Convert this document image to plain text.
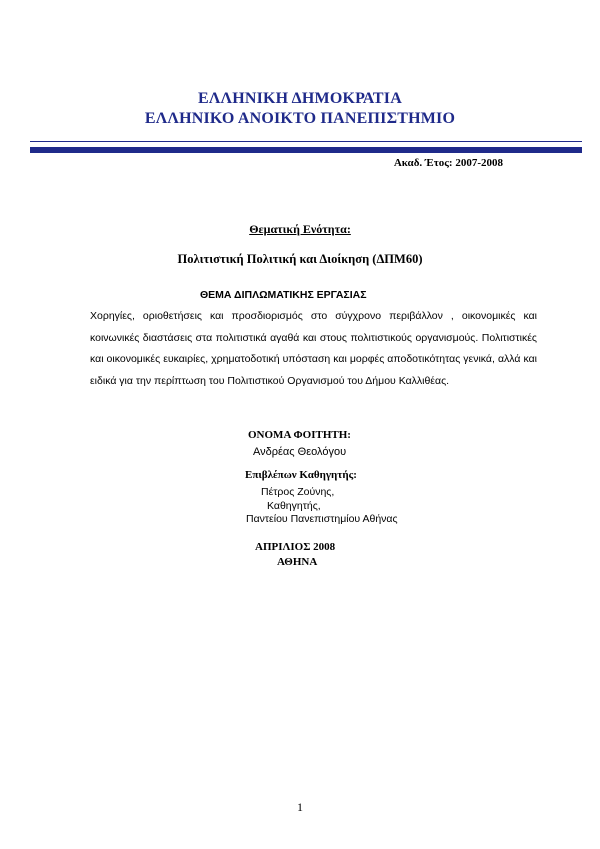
ΕΛΛΗΝΙΚΗ ΔΗΜΟΚΡΑΤΙΑ
ΕΛΛΗΝΙΚΟ ΑΝΟΙΚΤΟ ΠΑΝΕΠΙΣΤΗΜΙΟ
Ακαδ. Έτος: 2007-2008
Θεματική Ενότητα:
Πολιτιστική Πολιτική και Διοίκηση (ΔΠΜ60)
ΘΕΜΑ ΔΙΠΛΩΜΑΤΙΚΗΣ ΕΡΓΑΣΙΑΣ
Χορηγίες, οριοθετήσεις και προσδιορισμός στο σύγχρονο περιβάλλον , οικονομικές και κοινωνικές διαστάσεις στα πολιτιστικά αγαθά και στους πολιτιστικούς οργανισμούς. Πολιτιστικές και οικονομικές ευκαιρίες, χρηματοδοτική υπόσταση και μορφές αποδοτικότητας γενικά, αλλά και ειδικά για την περίπτωση του Πολιτιστικού Οργανισμού του Δήμου Καλλιθέας.
ΟΝΟΜΑ ΦΟΙΤΗΤΗ:
Ανδρέας Θεολόγου
Επιβλέπων Καθηγητής:
Πέτρος Ζούνης,
Καθηγητής,
Παντείου Πανεπιστημίου Αθήνας
ΑΠΡΙΛΙΟΣ 2008
ΑΘΗΝΑ
1
